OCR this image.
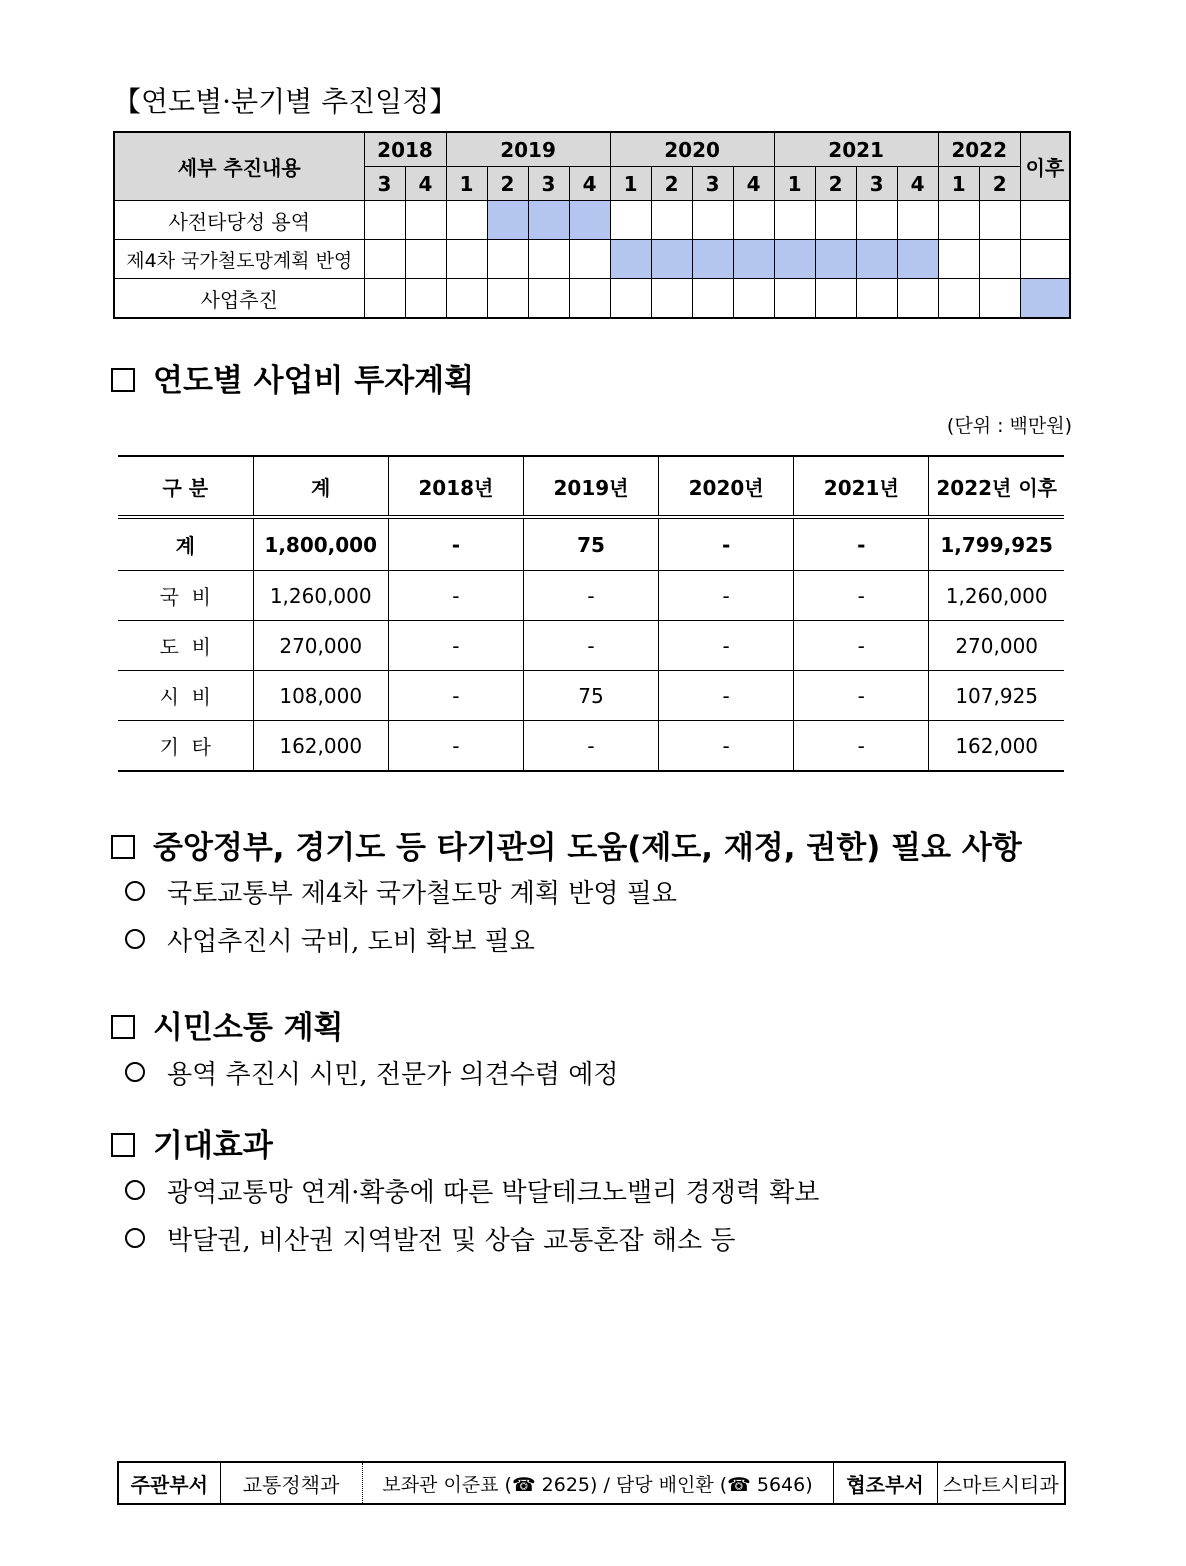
【연도별·분기별 추진일정】
세부 추진내용	2018		2019				2020				2021				2022		이후
	3	4	1	2	3	4	1	2	3	4	1	2	3	4	1	2	
사전타당성 용역																	
제4차 국가철도망계획 반영																	
사업추진																	
연도별 사업비 투자계획
(단위 : 백만원)
구 분	계	2018년	2019년	2020년	2021년	2022년 이후
계	1,800,000	-	75	-	-	1,799,925
국  비	1,260,000	-	-	-	-	1,260,000
도  비	270,000	-	-	-	-	270,000
시  비	108,000	-	75	-	-	107,925
기  타	162,000	-	-	-	-	162,000
중앙정부, 경기도 등 타기관의 도움(제도, 재정, 권한) 필요 사항
국토교통부 제4차 국가철도망 계획 반영 필요
사업추진시 국비, 도비 확보 필요
시민소통 계획
용역 추진시 시민, 전문가 의견수렴 예정
기대효과
광역교통망 연계·확충에 따른 박달테크노밸리 경쟁력 확보
박달권, 비산권 지역발전 및 상습 교통혼잡 해소 등
주관부서	교통정책과	보좌관 이준표 (☎ 2625) / 담당 배인환 (☎ 5646)	협조부서	스마트시티과
